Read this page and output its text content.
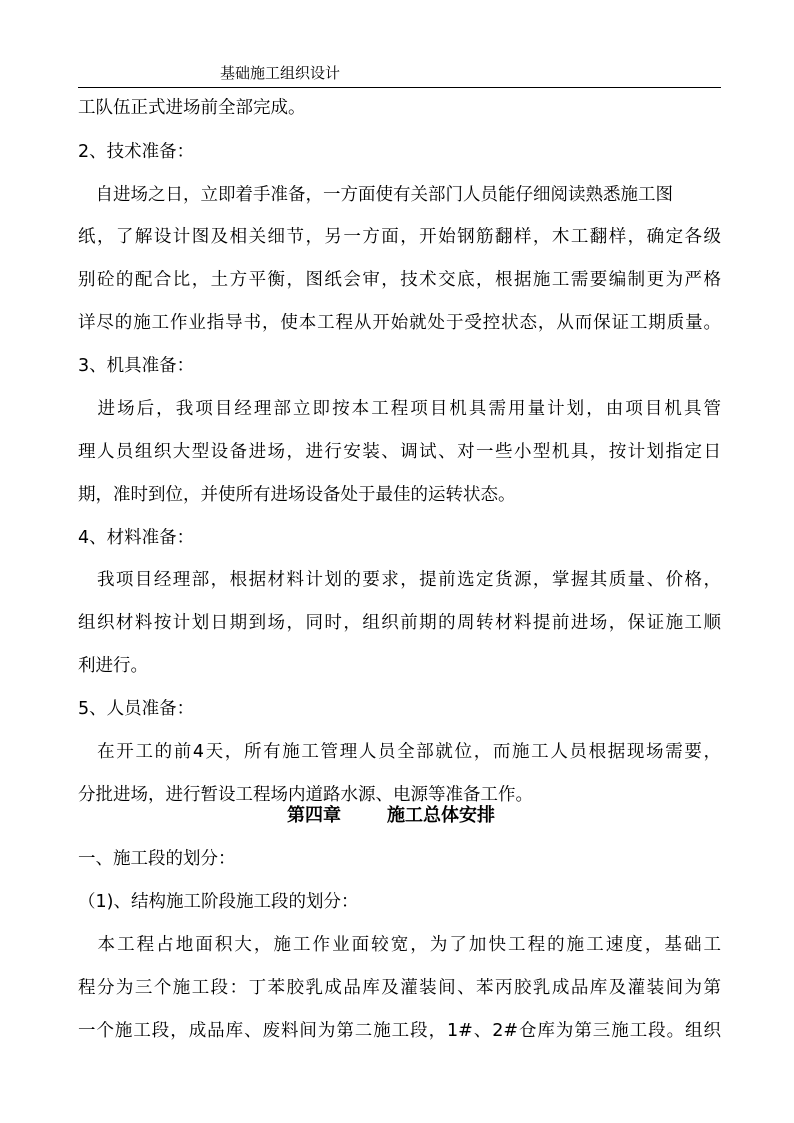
基础施工组织设计
工队伍正式进场前全部完成。
2、技术准备：
　自进场之日，立即着手准备，一方面使有关部门人员能仔细阅读熟悉施工图
纸，了解设计图及相关细节，另一方面，开始钢筋翻样，木工翻样，确定各级
别砼的配合比，土方平衡，图纸会审，技术交底，根据施工需要编制更为严格
详尽的施工作业指导书，使本工程从开始就处于受控状态，从而保证工期质量。
3、机具准备：
　进场后，我项目经理部立即按本工程项目机具需用量计划，由项目机具管
理人员组织大型设备进场，进行安装、调试、对一些小型机具，按计划指定日
期，准时到位，并使所有进场设备处于最佳的运转状态。
4、材料准备：
　我项目经理部，根据材料计划的要求，提前选定货源，掌握其质量、价格，
组织材料按计划日期到场，同时，组织前期的周转材料提前进场，保证施工顺
利进行。
5、人员准备：
　在开工的前4天，所有施工管理人员全部就位，而施工人员根据现场需要，
分批进场，进行暂设工程场内道路水源、电源等准备工作。
第四章	施工总体安排
一、施工段的划分：
（1)、结构施工阶段施工段的划分：
　本工程占地面积大，施工作业面较宽，为了加快工程的施工速度，基础工
程分为三个施工段：丁苯胶乳成品库及灌装间、苯丙胶乳成品库及灌装间为第
一个施工段，成品库、废料间为第二施工段，1#、2#仓库为第三施工段。组织
